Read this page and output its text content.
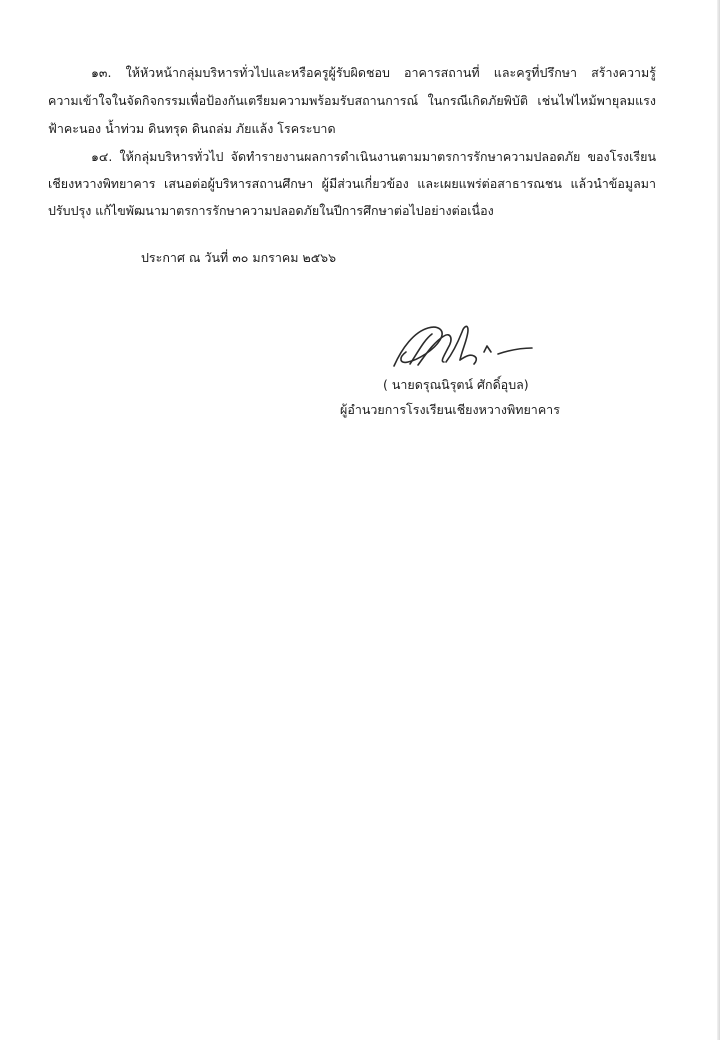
๑๓. ให้หัวหน้ากลุ่มบริหารทั่วไปและหรือครูผู้รับผิดชอบ อาคารสถานที่ และครูที่ปรึกษา สร้างความรู้
ความเข้าใจในจัดกิจกรรมเพื่อป้องกันเตรียมความพร้อมรับสถานการณ์ ในกรณีเกิดภัยพิบัติ เช่นไฟไหม้พายุลมแรง
ฟ้าคะนอง น้ำท่วม ดินทรุด ดินถล่ม ภัยแล้ง โรคระบาด
๑๔. ให้กลุ่มบริหารทั่วไป จัดทำรายงานผลการดำเนินงานตามมาตรการรักษาความปลอดภัย ของโรงเรียน
เชียงหวางพิทยาคาร เสนอต่อผู้บริหารสถานศึกษา ผู้มีส่วนเกี่ยวข้อง และเผยแพร่ต่อสาธารณชน แล้วนำข้อมูลมา
ปรับปรุง แก้ไขพัฒนามาตรการรักษาความปลอดภัยในปีการศึกษาต่อไปอย่างต่อเนื่อง
ประกาศ ณ วันที่ ๓๐ มกราคม ๒๕๖๖
( นายดรุณนิรุตน์ ศักดิ์อุบล)
ผู้อำนวยการโรงเรียนเชียงหวางพิทยาคาร
